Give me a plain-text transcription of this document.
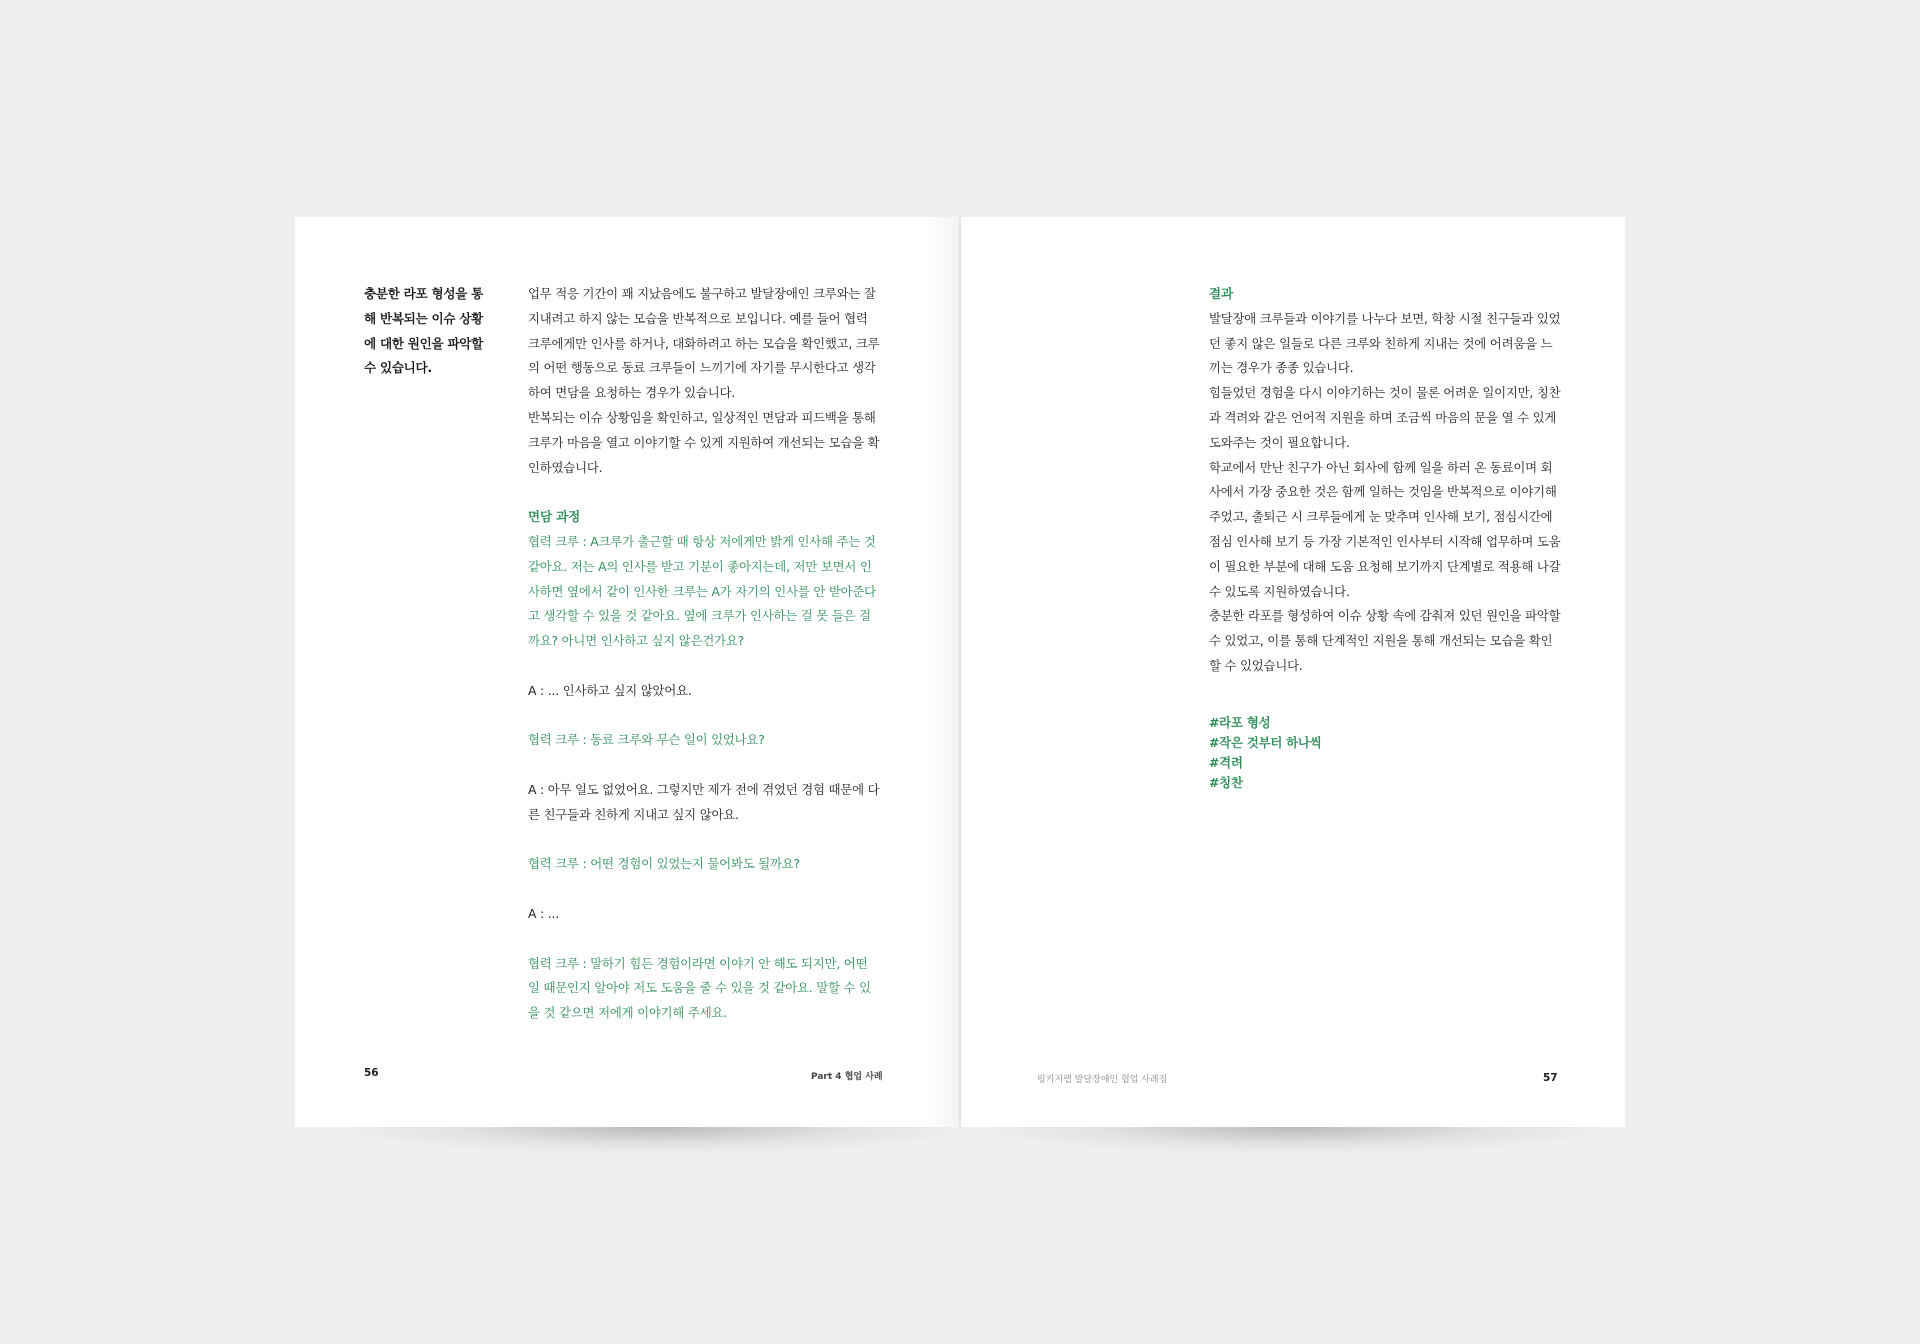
충분한 라포 형성을 통해 반복되는 이슈 상황에 대한 원인을 파악할 수 있습니다.

업무 적응 기간이 꽤 지났음에도 불구하고 발달장애인 크루와는 잘 지내려고 하지 않는 모습을 반복적으로 보입니다. 예를 들어 협력 크루에게만 인사를 하거나, 대화하려고 하는 모습을 확인했고, 크루의 어떤 행동으로 동료 크루들이 느끼기에 자기를 무시한다고 생각하여 면담을 요청하는 경우가 있습니다.

반복되는 이슈 상황임을 확인하고, 일상적인 면담과 피드백을 통해 크루가 마음을 열고 이야기할 수 있게 지원하여 개선되는 모습을 확인하였습니다.

면담 과정

협력 크루 : A크루가 출근할 때 항상 저에게만 밝게 인사해 주는 것 같아요. 저는 A의 인사를 받고 기분이 좋아지는데, 저만 보면서 인사하면 옆에서 같이 인사한 크루는 A가 자기의 인사를 안 받아준다고 생각할 수 있을 것 같아요. 옆에 크루가 인사하는 걸 못 들은 걸까요? 아니면 인사하고 싶지 않은건가요?

A : ... 인사하고 싶지 않았어요.

협력 크루 : 동료 크루와 무슨 일이 있었나요?

A : 아무 일도 없었어요. 그렇지만 제가 전에 겪었던 경험 때문에 다른 친구들과 친하게 지내고 싶지 않아요.

협력 크루 : 어떤 경험이 있었는지 물어봐도 될까요?

A : ...

협력 크루 : 말하기 힘든 경험이라면 이야기 안 해도 되지만, 어떤 일 때문인지 알아야 저도 도움을 줄 수 있을 것 같아요. 말할 수 있을 것 같으면 저에게 이야기해 주세요.

56	Part 4 협업 사례

결과

발달장애 크루들과 이야기를 나누다 보면, 학창 시절 친구들과 있었던 좋지 않은 일들로 다른 크루와 친하게 지내는 것에 어려움을 느끼는 경우가 종종 있습니다.

힘들었던 경험을 다시 이야기하는 것이 물론 어려운 일이지만, 칭찬과 격려와 같은 언어적 지원을 하며 조금씩 마음의 문을 열 수 있게 도와주는 것이 필요합니다.

학교에서 만난 친구가 아닌 회사에 함께 일을 하러 온 동료이며 회사에서 가장 중요한 것은 함께 일하는 것임을 반복적으로 이야기해 주었고, 출퇴근 시 크루들에게 눈 맞추며 인사해 보기, 점심시간에 점심 인사해 보기 등 가장 기본적인 인사부터 시작해 업무하며 도움이 필요한 부분에 대해 도움 요청해 보기까지 단계별로 적용해 나갈 수 있도록 지원하였습니다.

충분한 라포를 형성하여 이슈 상황 속에 감춰져 있던 원인을 파악할 수 있었고, 이를 통해 단계적인 지원을 통해 개선되는 모습을 확인할 수 있었습니다.

#라포 형성
#작은 것부터 하나씩
#격려
#칭찬
링키지랩 발달장애인 협업 사례집	57
